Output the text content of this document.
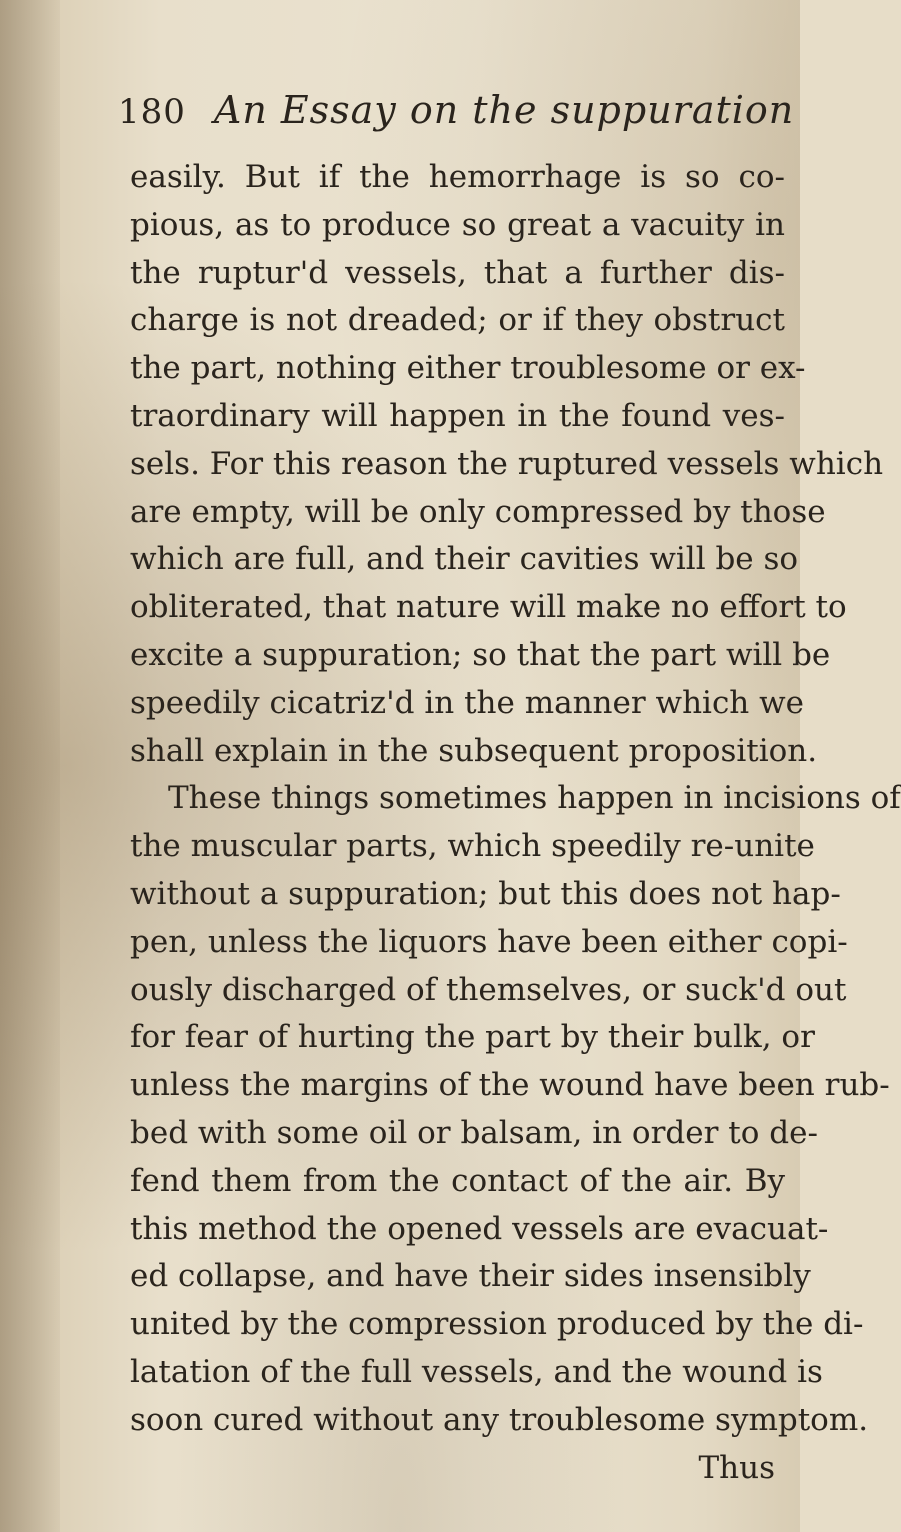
180 An Essay on the suppuration
easily. But if the hemorrhage is so co-
pious, as to produce so great a vacuity in
the ruptur'd vessels, that a further dis-
charge is not dreaded; or if they obstruct
the part, nothing either troublesome or ex-
traordinary will happen in the found ves-
sels. For this reason the ruptured vessels which
are empty, will be only compressed by those
which are full, and their cavities will be so
obliterated, that nature will make no effort to
excite a suppuration; so that the part will be
speedily cicatriz'd in the manner which we
shall explain in the subsequent proposition.
These things sometimes happen in incisions of
the muscular parts, which speedily re-unite
without a suppuration; but this does not hap-
pen, unless the liquors have been either copi-
ously discharged of themselves, or suck'd out
for fear of hurting the part by their bulk, or
unless the margins of the wound have been rub-
bed with some oil or balsam, in order to de-
fend them from the contact of the air. By
this method the opened vessels are evacuat-
ed collapse, and have their sides insensibly
united by the compression produced by the di-
latation of the full vessels, and the wound is
soon cured without any troublesome symptom.
Thus
